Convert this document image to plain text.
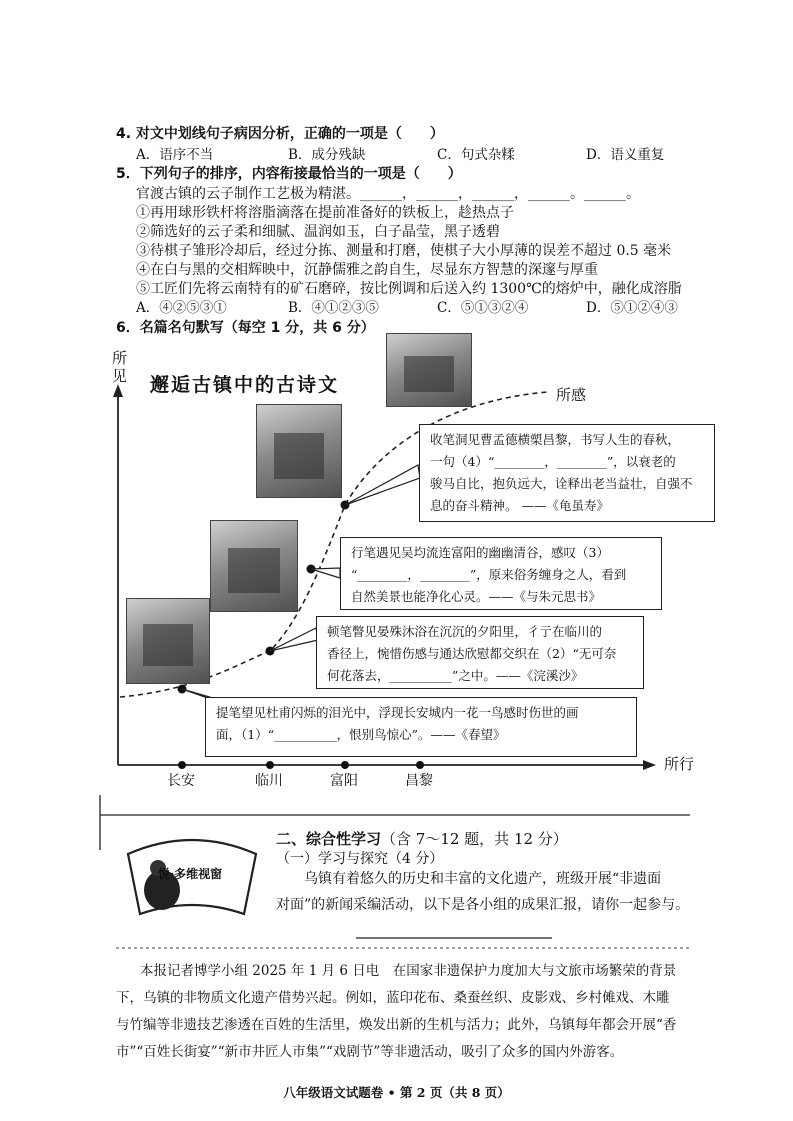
4. 对文中划线句子病因分析，正确的一项是（　　）
A．语序不当	B．成分残缺	C．句式杂糅	D．语义重复
5．下列句子的排序，内容衔接最恰当的一项是（　　）
官渡古镇的云子制作工艺极为精湛。______，______，______，______。______。
①再用球形铁杆将溶脂滴落在提前准备好的铁板上，趁热点子
②筛选好的云子柔和细腻、温润如玉，白子晶莹，黑子透碧
③待棋子雏形冷却后，经过分拣、测量和打磨，使棋子大小厚薄的误差不超过 0.5 毫米
④在白与黑的交相辉映中，沉静儒雅之韵自生，尽显东方智慧的深邃与厚重
⑤工匠们先将云南特有的矿石磨碎，按比例调和后送入约 1300℃的熔炉中，融化成溶脂
A．④②⑤③①	B．④①②③⑤	C．⑤①③②④	D．⑤①②④③
6．名篇名句默写（每空 1 分，共 6 分）
所见
所行
所感
邂逅古镇中的古诗文
长安	临川	富阳	昌黎
收笔洞见曹孟德横槊昌黎，书写人生的春秋，
一句（4）“________，________”，以衰老的
骏马自比，抱负远大，诠释出老当益壮，自强不
息的奋斗精神。 ——《龟虽寿》
行笔遇见吴均流连富阳的幽幽清谷，感叹（3）
“________，________”，原来俗务缠身之人，看到
自然美景也能净化心灵。——《与朱元思书》
顿笔瞥见晏殊沐浴在沉沉的夕阳里，彳亍在临川的
香径上，惋惜伤感与通达欣慰都交织在（2）“无可奈
何花落去，__________”之中。——《浣溪沙》
提笔望见杜甫闪烁的泪光中，浮现长安城内一花一鸟感时伤世的画
面，（1）“__________，恨别鸟惊心”。——《春望》
二、综合性学习（含 7～12 题，共 12 分）
（一）学习与探究（4 分）
悦·多维视窗	乌镇有着悠久的历史和丰富的文化遗产，班级开展“非遗面
对面”的新闻采编活动，以下是各小组的成果汇报，请你一起参与。
本报记者博学小组 2025 年 1 月 6 日电　在国家非遗保护力度加大与文旅市场繁荣的背景
下，乌镇的非物质文化遗产借势兴起。例如，蓝印花布、桑蚕丝织、皮影戏、乡村傩戏、木雕
与竹编等非遗技艺渗透在百姓的生活里，焕发出新的生机与活力；此外，乌镇每年都会开展“香
市”“百姓长街宴”“新市井匠人市集”“戏剧节”等非遗活动，吸引了众多的国内外游客。
八年级语文试题卷 • 第 2 页（共 8 页）
